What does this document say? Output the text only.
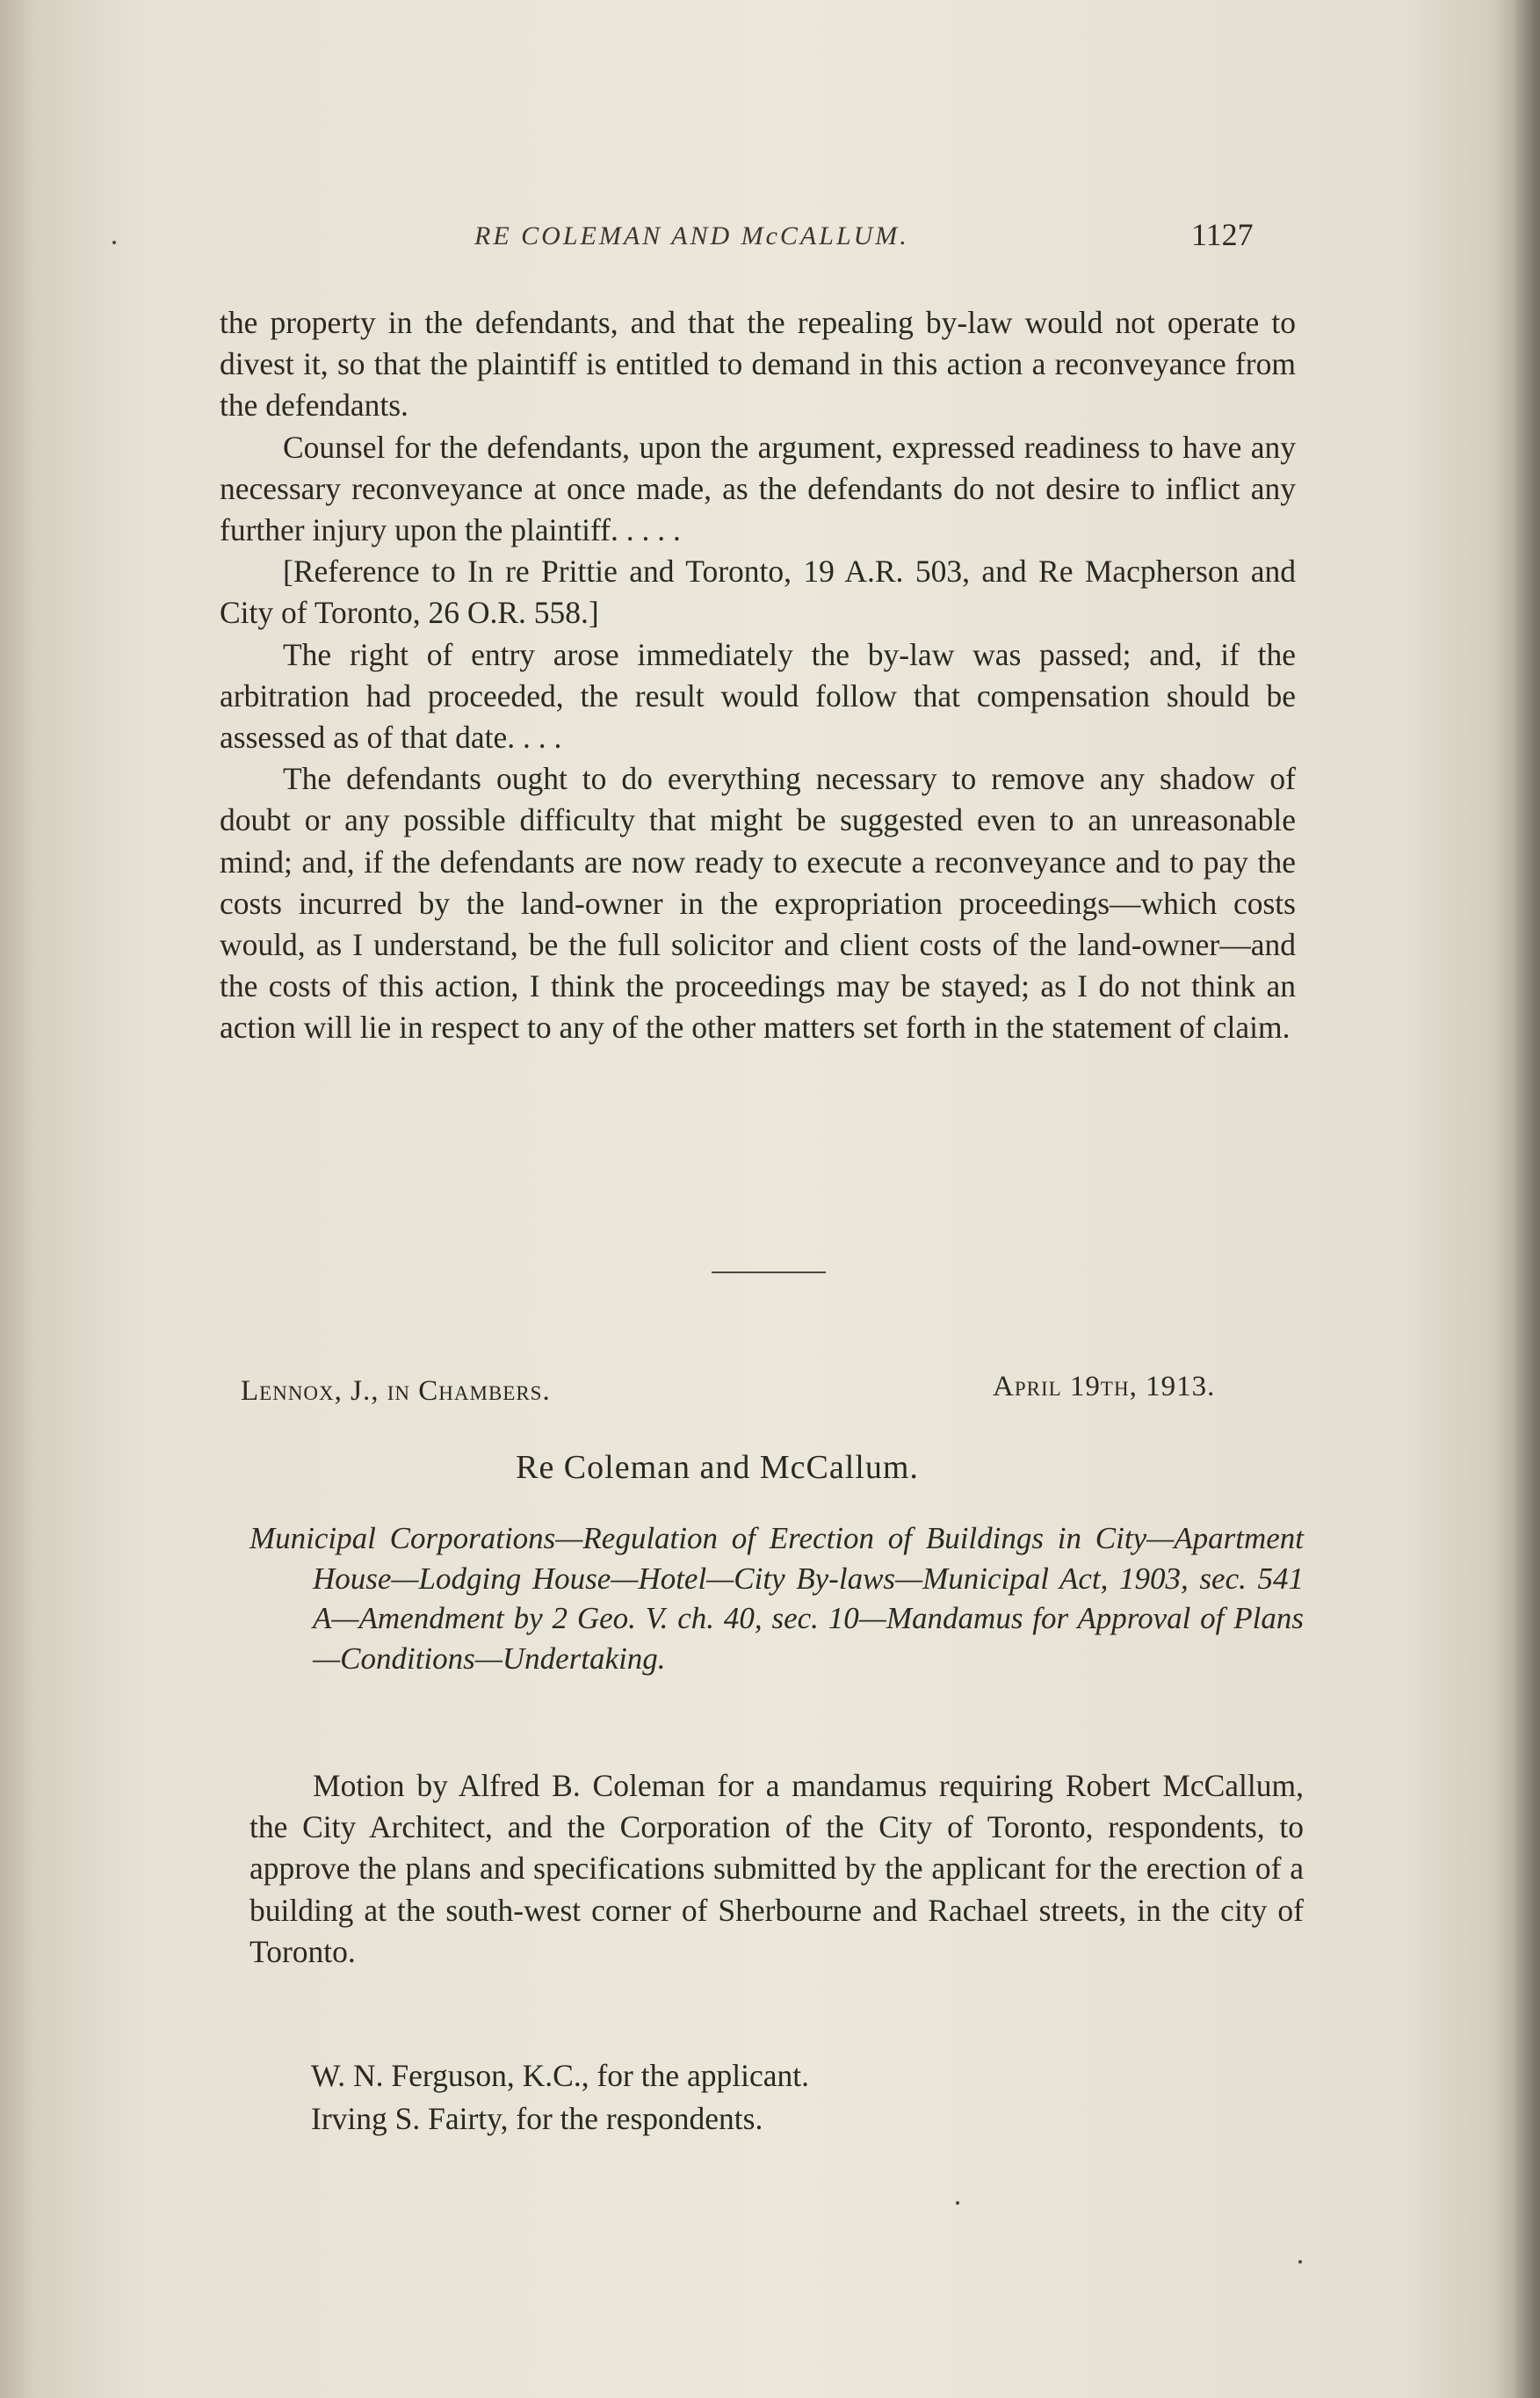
RE COLEMAN AND McCALLUM.	1127

the property in the defendants, and that the repealing by-law would not operate to divest it, so that the plaintiff is entitled to demand in this action a reconveyance from the defendants.

Counsel for the defendants, upon the argument, expressed readiness to have any necessary reconveyance at once made, as the defendants do not desire to inflict any further injury upon the plaintiff. . . . .

[Reference to In re Prittie and Toronto, 19 A.R. 503, and Re Macpherson and City of Toronto, 26 O.R. 558.]

The right of entry arose immediately the by-law was passed; and, if the arbitration had proceeded, the result would follow that compensation should be assessed as of that date. . . .

The defendants ought to do everything necessary to remove any shadow of doubt or any possible difficulty that might be suggested even to an unreasonable mind; and, if the defendants are now ready to execute a reconveyance and to pay the costs incurred by the land-owner in the expropriation proceedings—which costs would, as I understand, be the full solicitor and client costs of the land-owner—and the costs of this action, I think the proceedings may be stayed; as I do not think an action will lie in respect to any of the other matters set forth in the statement of claim.

Lennox, J., in Chambers.	April 19th, 1913.
Re Coleman and McCallum.

Municipal Corporations—Regulation of Erection of Buildings in City—Apartment House—Lodging House—Hotel—City By-laws—Municipal Act, 1903, sec. 541 A—Amendment by 2 Geo. V. ch. 40, sec. 10—Mandamus for Approval of Plans—Conditions—Undertaking.

Motion by Alfred B. Coleman for a mandamus requiring Robert McCallum, the City Architect, and the Corporation of the City of Toronto, respondents, to approve the plans and specifications submitted by the applicant for the erection of a building at the south-west corner of Sherbourne and Rachael streets, in the city of Toronto.

W. N. Ferguson, K.C., for the applicant.
Irving S. Fairty, for the respondents.
